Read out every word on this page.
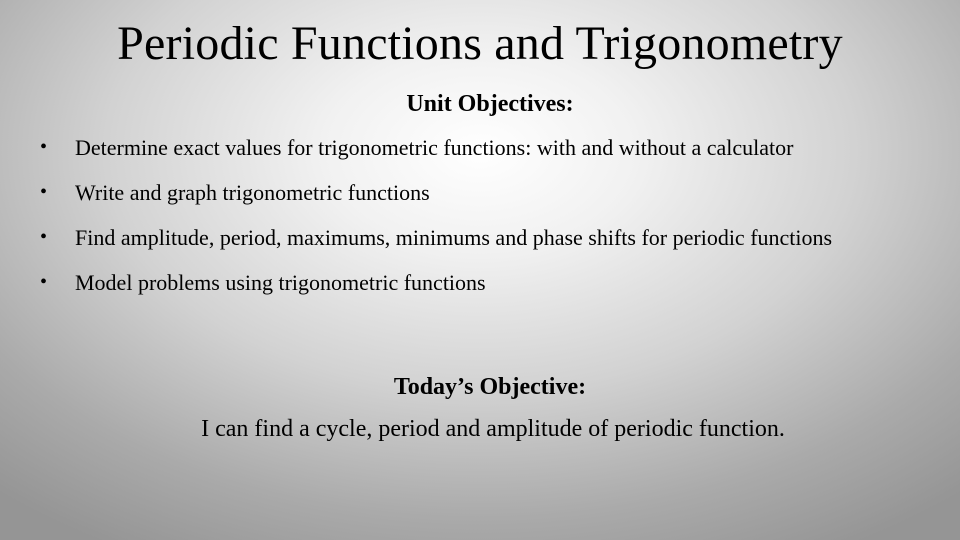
Periodic Functions and Trigonometry
Unit Objectives:
• Determine exact values for trigonometric functions: with and without a calculator
• Write and graph trigonometric functions
• Find amplitude, period, maximums, minimums and phase shifts for periodic functions
• Model problems using trigonometric functions
Today’s Objective:

I can find a cycle, period and amplitude of periodic function.
